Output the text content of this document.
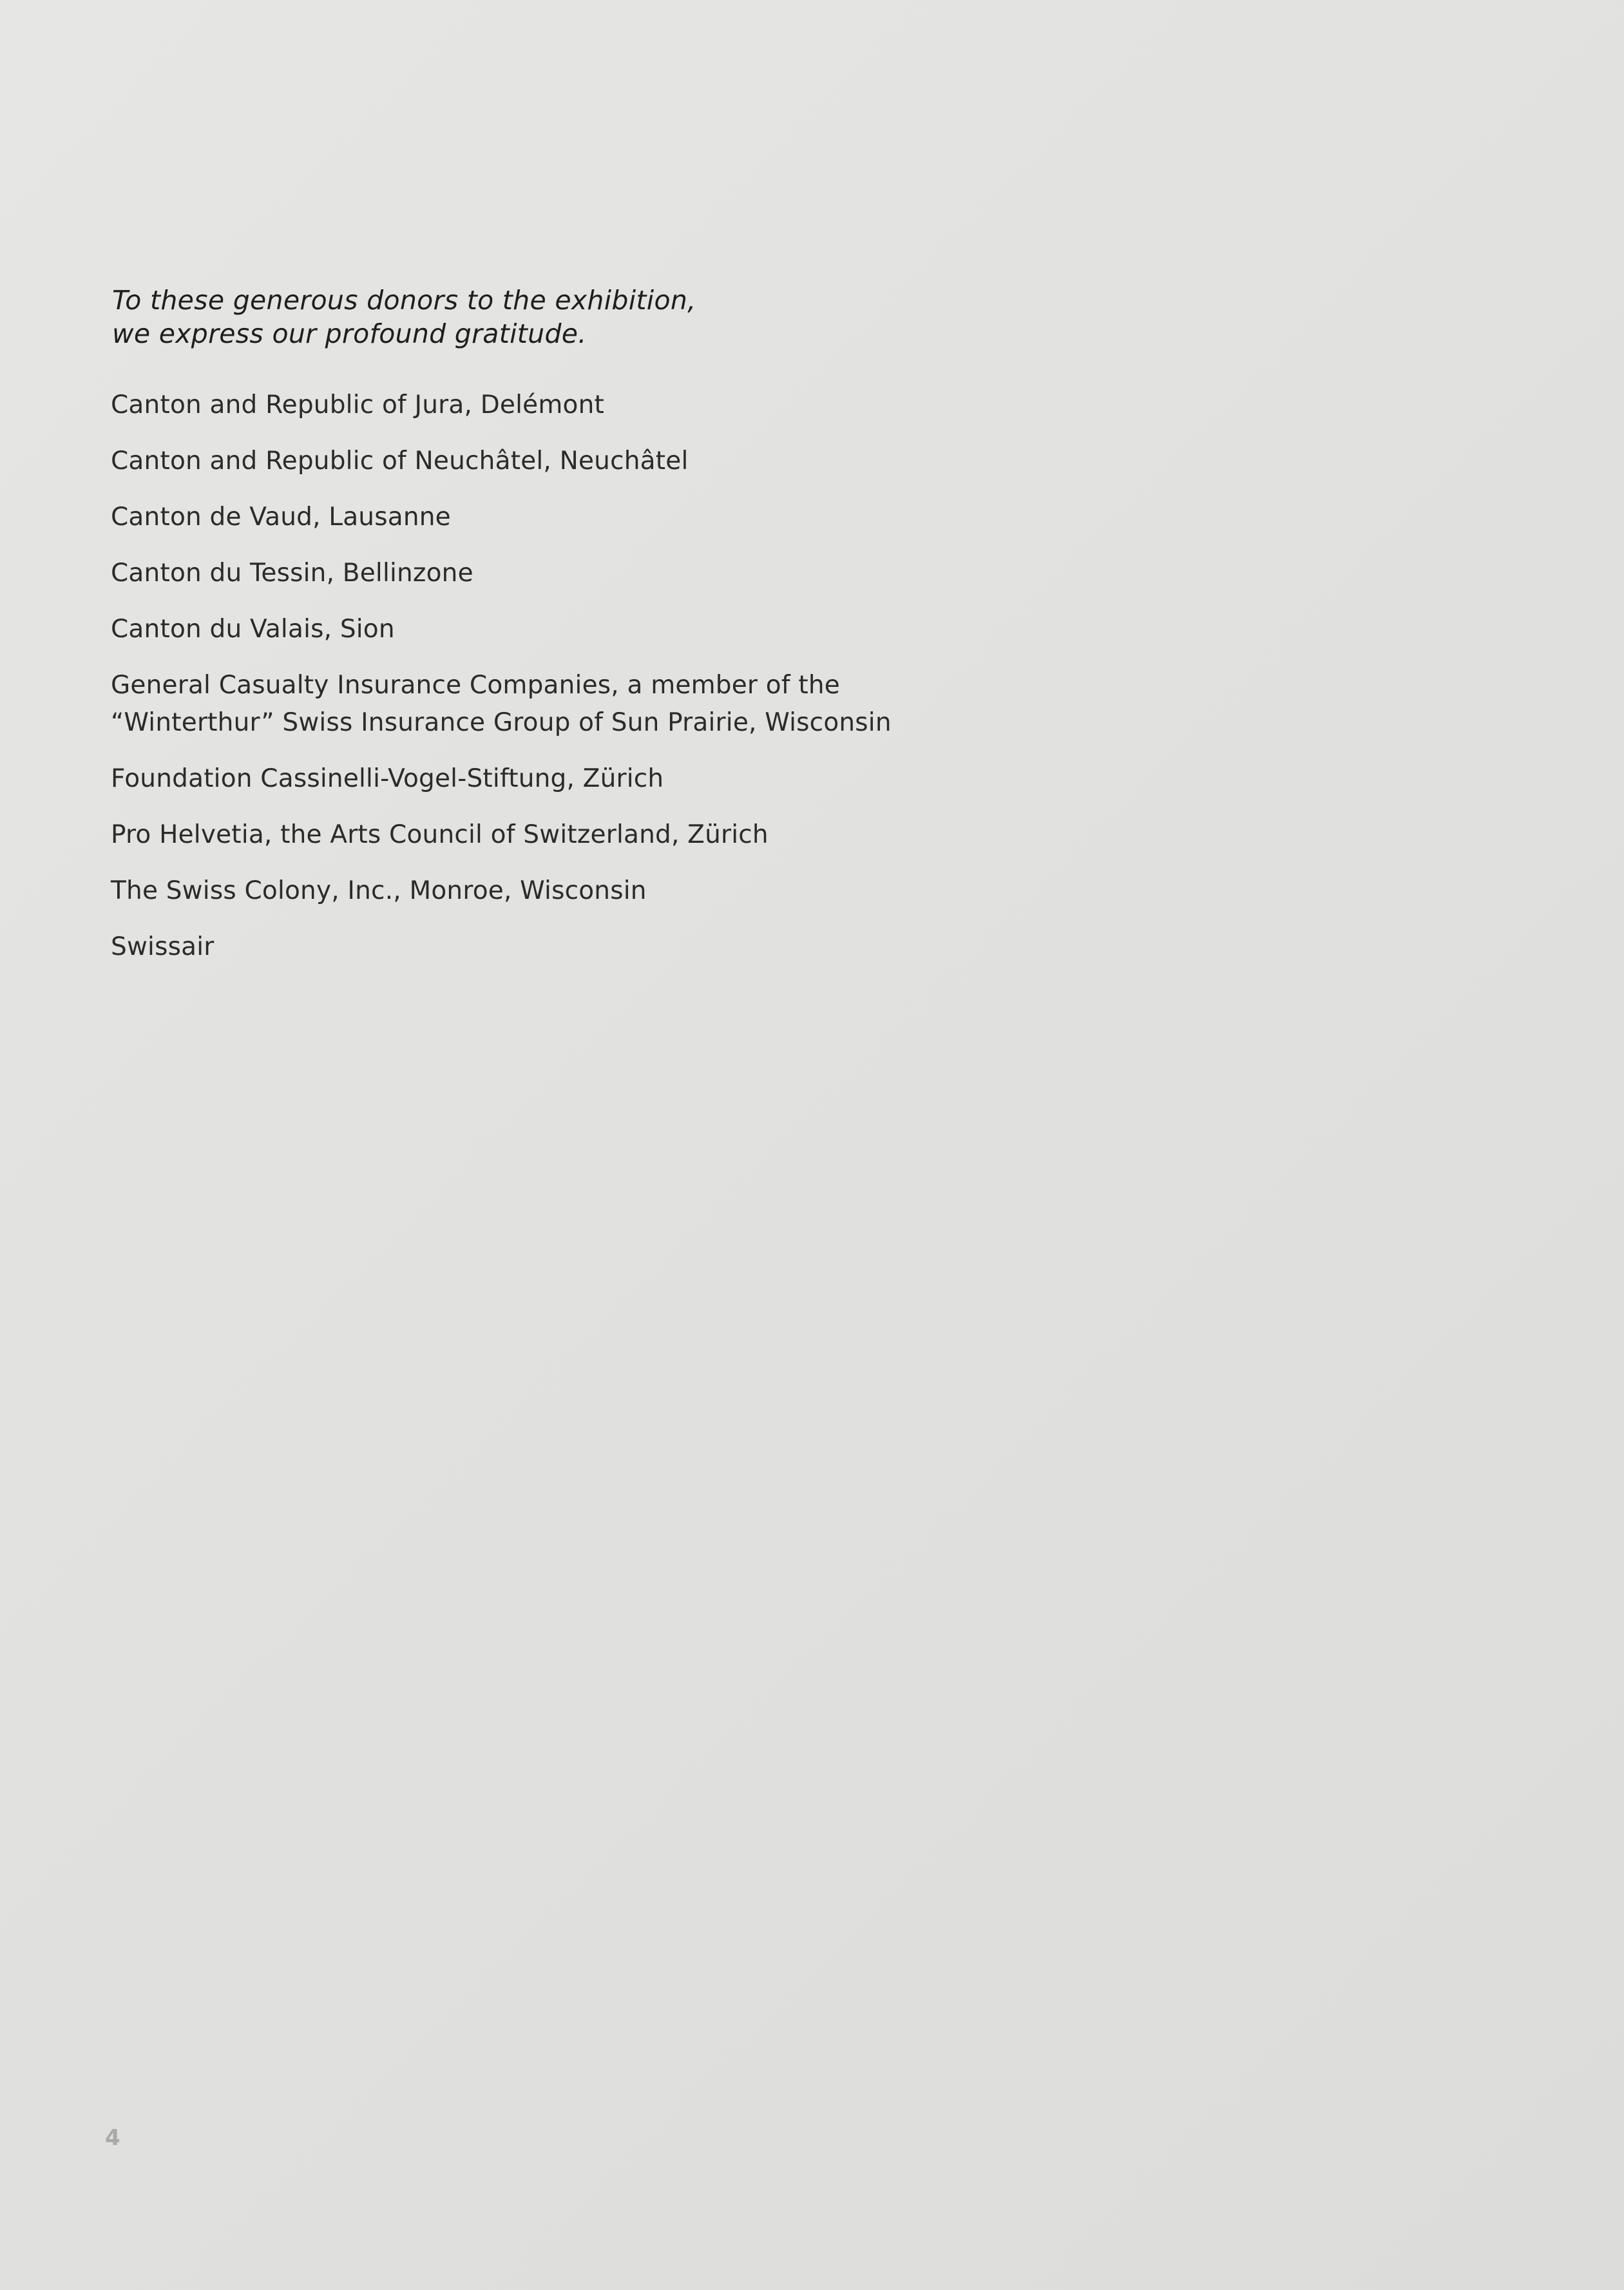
To these generous donors to the exhibition,
we express our profound gratitude.
Canton and Republic of Jura, Delémont
Canton and Republic of Neuchâtel, Neuchâtel
Canton de Vaud, Lausanne
Canton du Tessin, Bellinzone
Canton du Valais, Sion
General Casualty Insurance Companies, a member of the
“Winterthur” Swiss Insurance Group of Sun Prairie, Wisconsin
Foundation Cassinelli-Vogel-Stiftung, Zürich
Pro Helvetia, the Arts Council of Switzerland, Zürich
The Swiss Colony, Inc., Monroe, Wisconsin
Swissair
4
